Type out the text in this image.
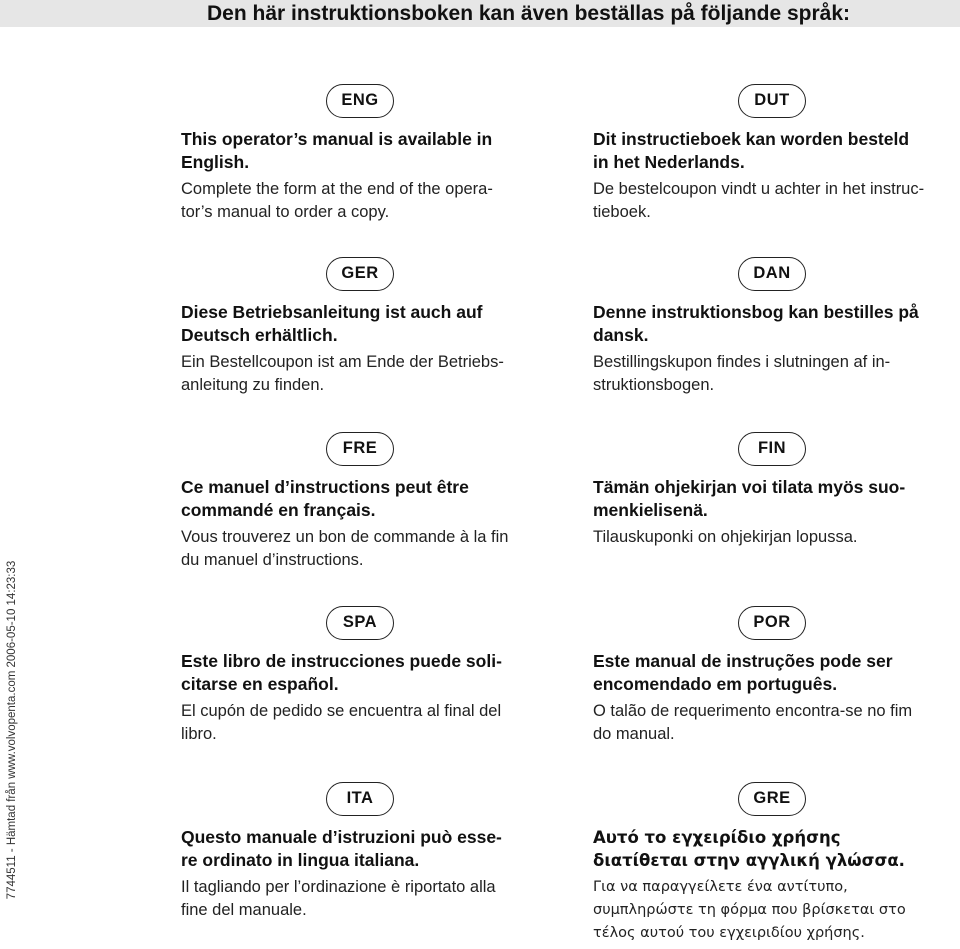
Den här instruktionsboken kan även beställas på följande språk:
7744511 - Hämtad från www.volvopenta.com 2006-05-10 14:23:33
ENG
This operator’s manual is available in
English.
Complete the form at the end of the opera-
tor’s manual to order a copy.
DUT
Dit instructieboek kan worden besteld
in het Nederlands.
De bestelcoupon vindt u achter in het instruc-
tieboek.
GER
Diese Betriebsanleitung ist auch auf
Deutsch erhältlich.
Ein Bestellcoupon ist am Ende der Betriebs-
anleitung zu finden.
DAN
Denne instruktionsbog kan bestilles på
dansk.
Bestillingskupon findes i slutningen af in-
struktionsbogen.
FRE
Ce manuel d’instructions peut être
commandé en français.
Vous trouverez un bon de commande à la fin
du manuel d’instructions.
FIN
Tämän ohjekirjan voi tilata myös suo-
menkielisenä.
Tilauskuponki on ohjekirjan lopussa.
SPA
Este libro de instrucciones puede soli-
citarse en español.
El cupón de pedido se encuentra al final del
libro.
POR
Este manual de instruções pode ser
encomendado em português.
O talão de requerimento encontra-se no fim
do manual.
ITA
Questo manuale d’istruzioni può esse-
re ordinato in lingua italiana.
Il tagliando per l’ordinazione è riportato alla
fine del manuale.
GRE
Αυτό το εγχειρίδιο χρήσης
διατίθεται στην αγγλική γλώσσα.
Για να παραγγείλετε ένα αντίτυπο,
συμπληρώστε τη φόρμα που βρίσκεται στο
τέλος αυτού του εγχειριδίου χρήσης.
